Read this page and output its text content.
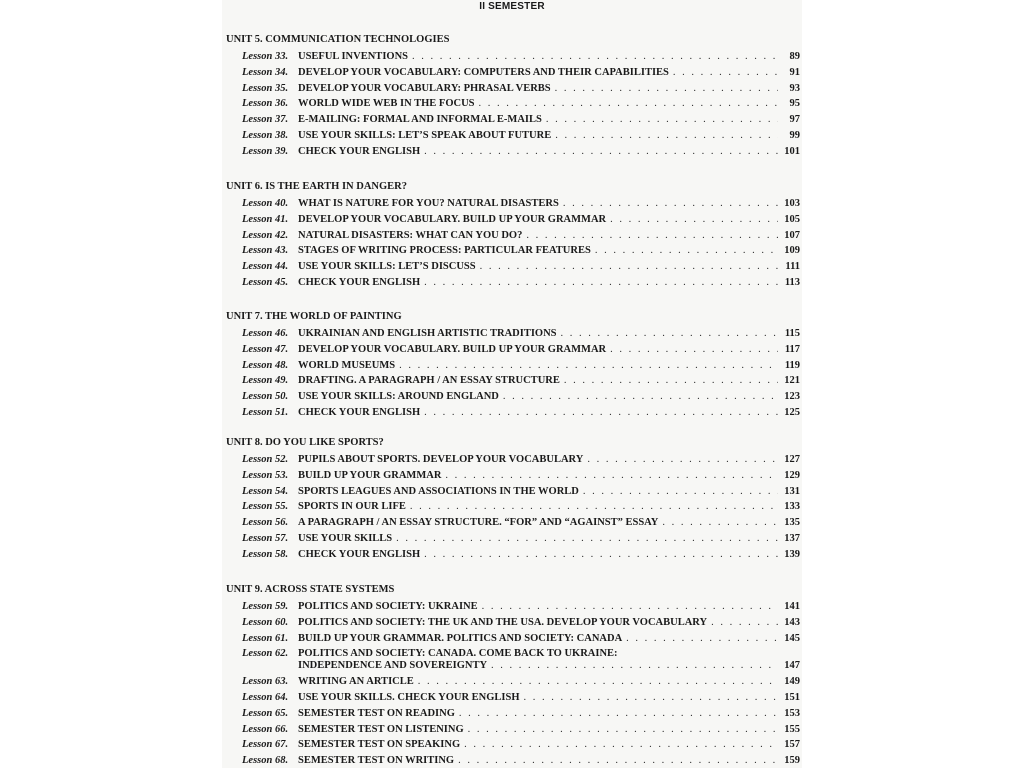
II SEMESTER
UNIT 5. COMMUNICATION TECHNOLOGIES
Lesson 33. USEFUL INVENTIONS . . .	89
Lesson 34. DEVELOP YOUR VOCABULARY: COMPUTERS AND THEIR CAPABILITIES . . .	91
Lesson 35. DEVELOP YOUR VOCABULARY: PHRASAL VERBS . . .	93
Lesson 36. WORLD WIDE WEB IN THE FOCUS . . .	95
Lesson 37. E-MAILING: FORMAL AND INFORMAL E-MAILS . . .	97
Lesson 38. USE YOUR SKILLS: LET’S SPEAK ABOUT FUTURE . . .	99
Lesson 39. CHECK YOUR ENGLISH . . .	101
UNIT 6. IS THE EARTH IN DANGER?
Lesson 40. WHAT IS NATURE FOR YOU? NATURAL DISASTERS . . .	103
Lesson 41. DEVELOP YOUR VOCABULARY. BUILD UP YOUR GRAMMAR . . .	105
Lesson 42. NATURAL DISASTERS: WHAT CAN YOU DO? . . .	107
Lesson 43. STAGES OF WRITING PROCESS: PARTICULAR FEATURES . . .	109
Lesson 44. USE YOUR SKILLS: LET’S DISCUSS . . .	111
Lesson 45. CHECK YOUR ENGLISH . . .	113
UNIT 7. THE WORLD OF PAINTING
Lesson 46. UKRAINIAN AND ENGLISH ARTISTIC TRADITIONS . . .	115
Lesson 47. DEVELOP YOUR VOCABULARY. BUILD UP YOUR GRAMMAR . . .	117
Lesson 48. WORLD MUSEUMS . . .	119
Lesson 49. DRAFTING. A PARAGRAPH / AN ESSAY STRUCTURE . . .	121
Lesson 50. USE YOUR SKILLS: AROUND ENGLAND . . .	123
Lesson 51. CHECK YOUR ENGLISH . . .	125
UNIT 8. DO YOU LIKE SPORTS?
Lesson 52. PUPILS ABOUT SPORTS. DEVELOP YOUR VOCABULARY . . .	127
Lesson 53. BUILD UP YOUR GRAMMAR . . .	129
Lesson 54. SPORTS LEAGUES AND ASSOCIATIONS IN THE WORLD . . .	131
Lesson 55. SPORTS IN OUR LIFE . . .	133
Lesson 56. A PARAGRAPH / AN ESSAY STRUCTURE. “FOR” AND “AGAINST” ESSAY . . .	135
Lesson 57. USE YOUR SKILLS . . .	137
Lesson 58. CHECK YOUR ENGLISH . . .	139
UNIT 9. ACROSS STATE SYSTEMS
Lesson 59. POLITICS AND SOCIETY: UKRAINE . . .	141
Lesson 60. POLITICS AND SOCIETY: THE UK AND THE USA. DEVELOP YOUR VOCABULARY . . .	143
Lesson 61. BUILD UP YOUR GRAMMAR. POLITICS AND SOCIETY: CANADA . . .	145
Lesson 62. POLITICS AND SOCIETY: CANADA. COME BACK TO UKRAINE:
INDEPENDENCE AND SOVEREIGNTY . . .	147
Lesson 63. WRITING AN ARTICLE . . .	149
Lesson 64. USE YOUR SKILLS. CHECK YOUR ENGLISH . . .	151
Lesson 65. SEMESTER TEST ON READING . . .	153
Lesson 66. SEMESTER TEST ON LISTENING . . .	155
Lesson 67. SEMESTER TEST ON SPEAKING . . .	157
Lesson 68. SEMESTER TEST ON WRITING . . .	159
